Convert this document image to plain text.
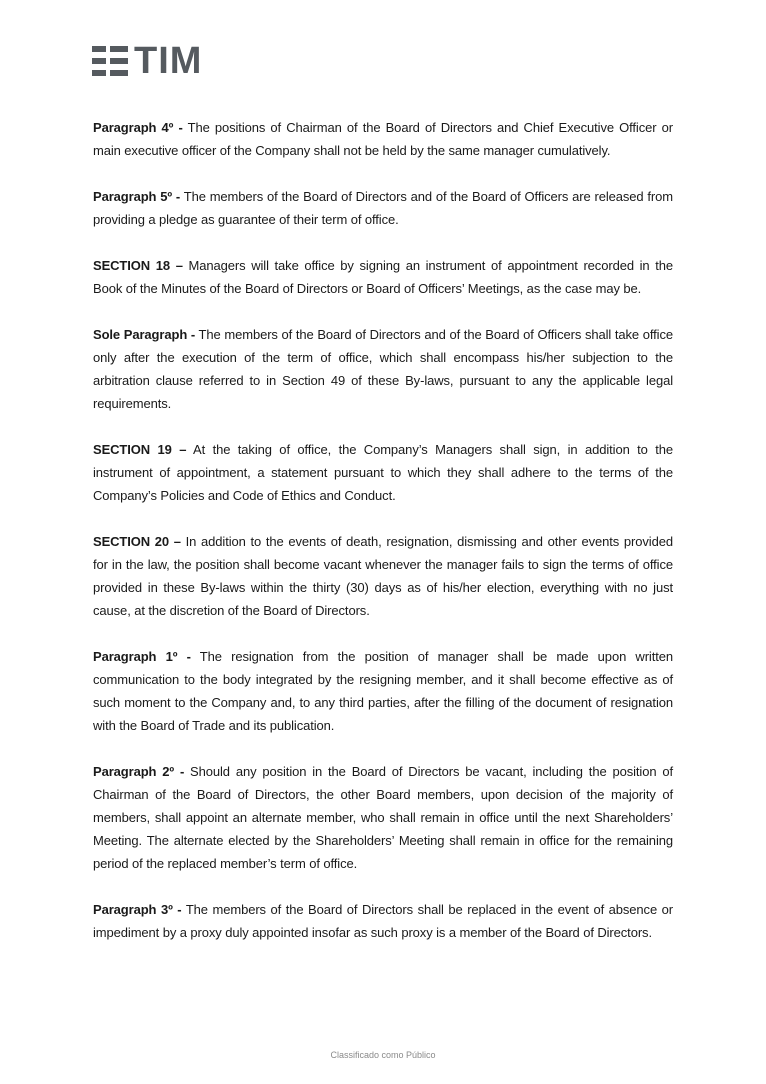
TIM

Paragraph 4º - The positions of Chairman of the Board of Directors and Chief Executive Officer or main executive officer of the Company shall not be held by the same manager cumulatively.

Paragraph 5º - The members of the Board of Directors and of the Board of Officers are released from providing a pledge as guarantee of their term of office.

SECTION 18 – Managers will take office by signing an instrument of appointment recorded in the Book of the Minutes of the Board of Directors or Board of Officers’ Meetings, as the case may be.

Sole Paragraph - The members of the Board of Directors and of the Board of Officers shall take office only after the execution of the term of office, which shall encompass his/her subjection to the arbitration clause referred to in Section 49 of these By-laws, pursuant to any the applicable legal requirements.

SECTION 19 – At the taking of office, the Company’s Managers shall sign, in addition to the instrument of appointment, a statement pursuant to which they shall adhere to the terms of the Company’s Policies and Code of Ethics and Conduct.

SECTION 20 – In addition to the events of death, resignation, dismissing and other events provided for in the law, the position shall become vacant whenever the manager fails to sign the terms of office provided in these By-laws within the thirty (30) days as of his/her election, everything with no just cause, at the discretion of the Board of Directors.

Paragraph 1º - The resignation from the position of manager shall be made upon written communication to the body integrated by the resigning member, and it shall become effective as of such moment to the Company and, to any third parties, after the filling of the document of resignation with the Board of Trade and its publication.

Paragraph 2º - Should any position in the Board of Directors be vacant, including the position of Chairman of the Board of Directors, the other Board members, upon decision of the majority of members, shall appoint an alternate member, who shall remain in office until the next Shareholders’ Meeting. The alternate elected by the Shareholders’ Meeting shall remain in office for the remaining period of the replaced member’s term of office.

Paragraph 3º - The members of the Board of Directors shall be replaced in the event of absence or impediment by a proxy duly appointed insofar as such proxy is a member of the Board of Directors.

Classificado como Público
